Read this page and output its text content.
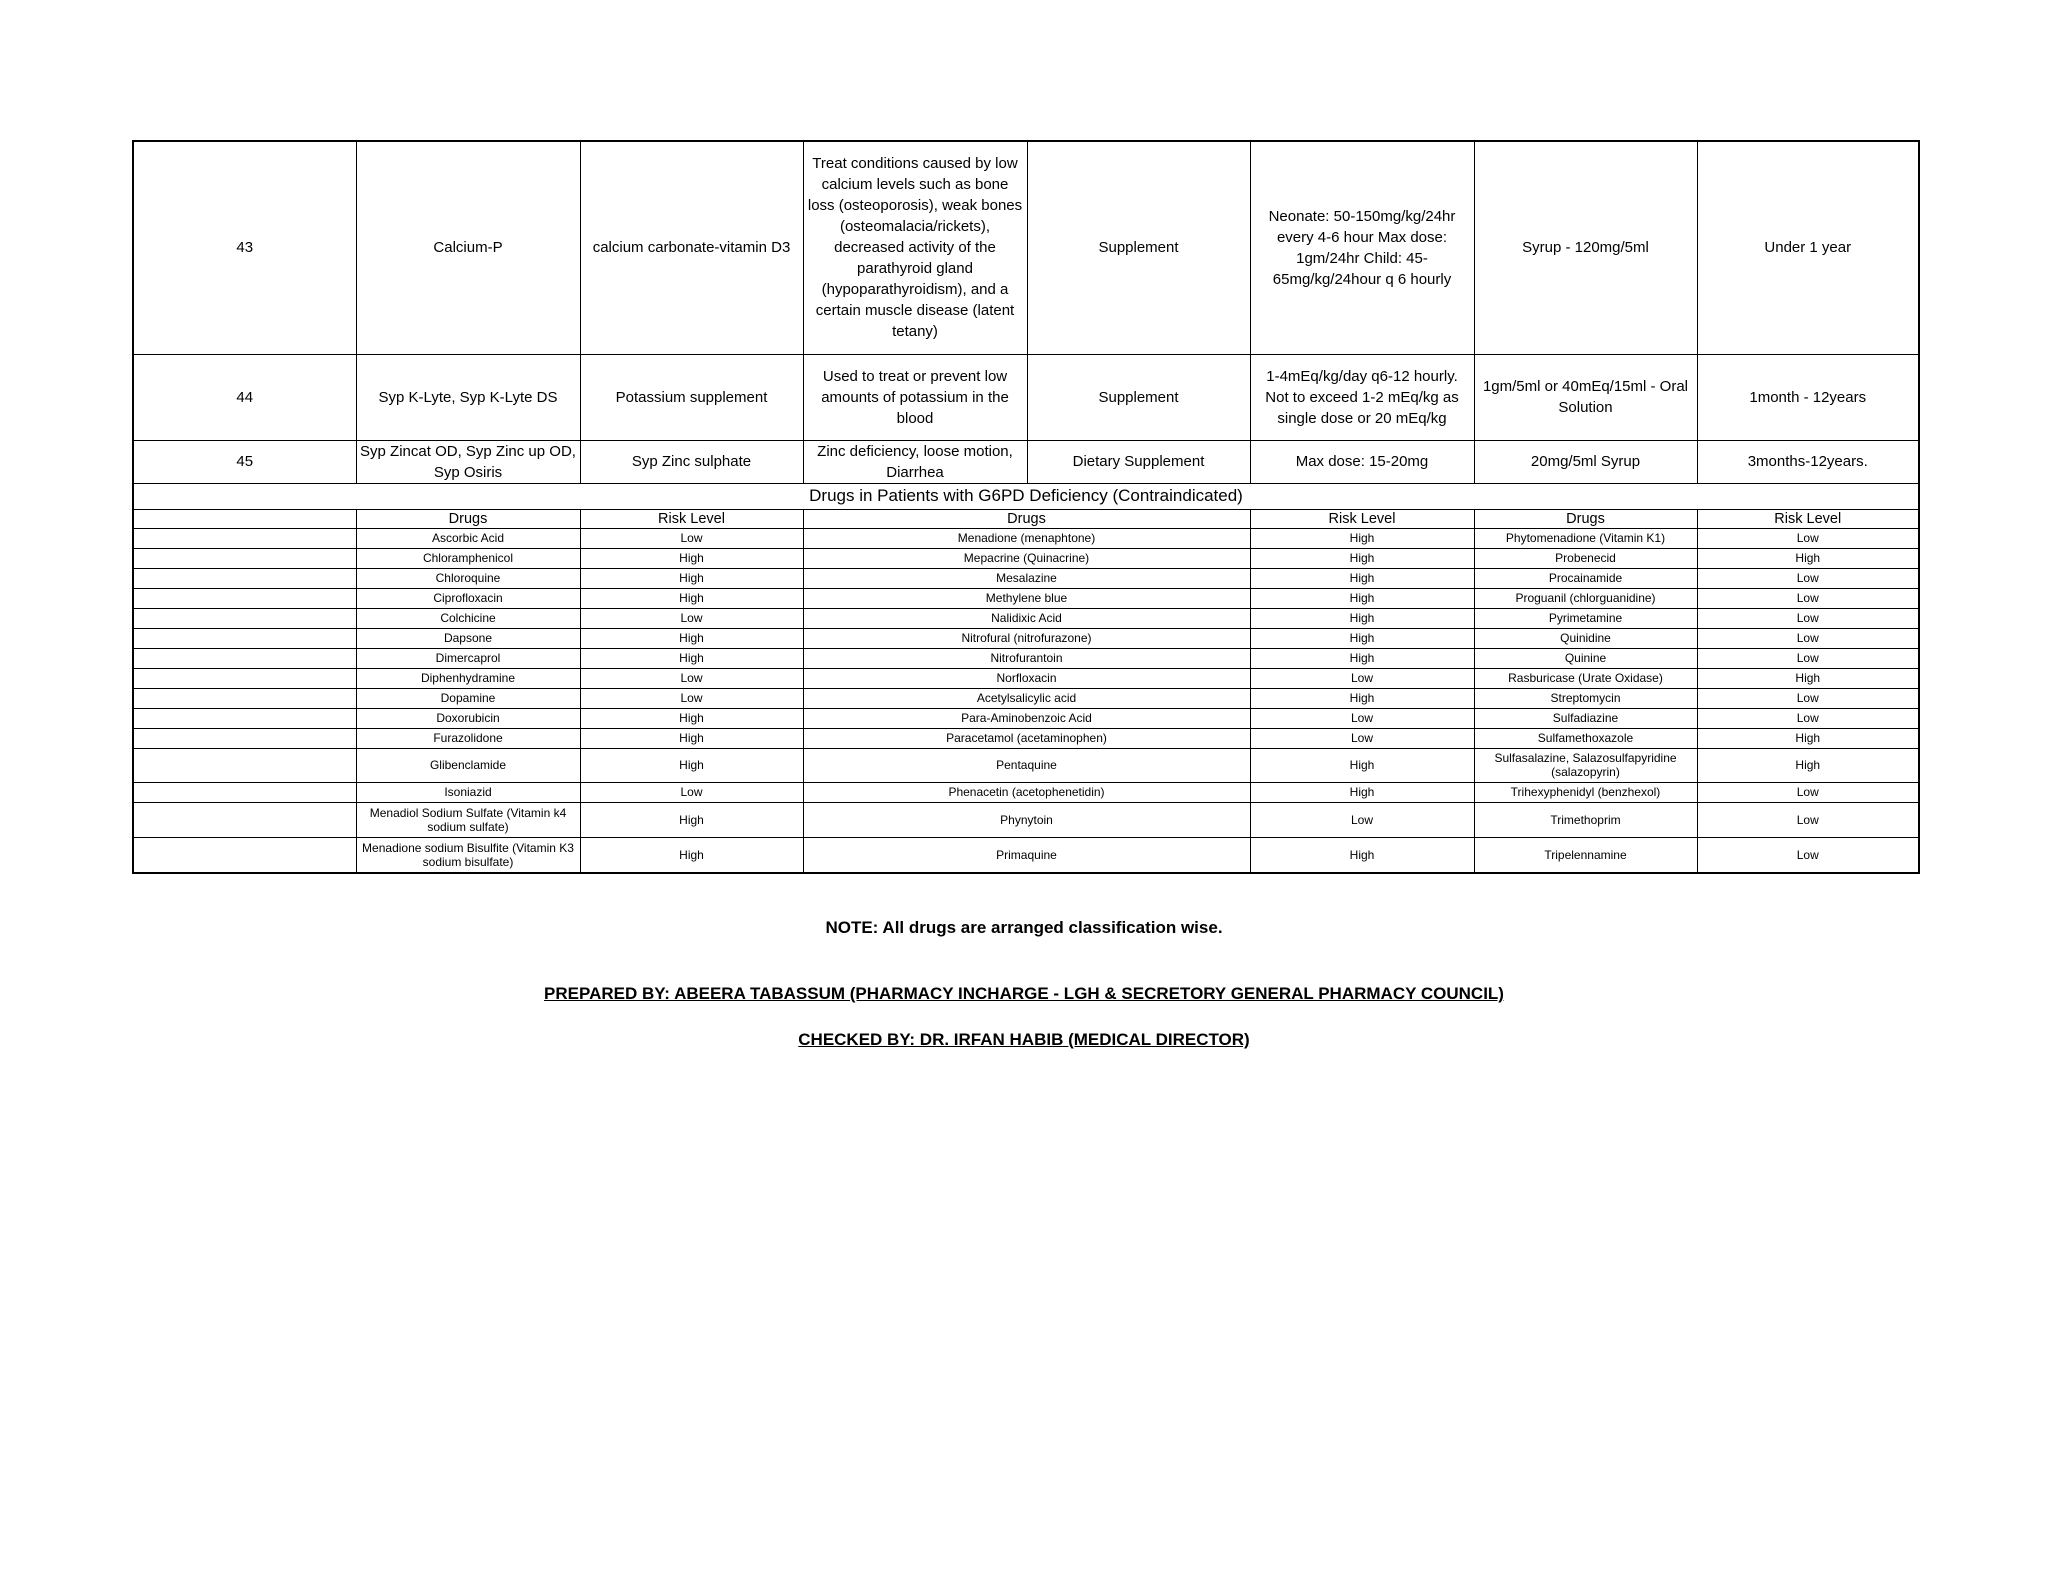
43	Calcium-P	calcium carbonate-vitamin D3	Treat conditions caused by low calcium levels such as bone loss (osteoporosis), weak bones (osteomalacia/rickets), decreased activity of the parathyroid gland (hypoparathyroidism), and a certain muscle disease (latent tetany)	Supplement	Neonate: 50-150mg/kg/24hr every 4-6 hour Max dose: 1gm/24hr Child: 45-65mg/kg/24hour q 6 hourly	Syrup - 120mg/5ml	Under 1 year
44	Syp K-Lyte, Syp K-Lyte DS	Potassium supplement	Used to treat or prevent low amounts of potassium in the blood	Supplement	1-4mEq/kg/day q6-12 hourly. Not to exceed 1-2 mEq/kg as single dose or 20 mEq/kg	1gm/5ml or 40mEq/15ml - Oral Solution	1month - 12years
45	Syp Zincat OD, Syp Zinc up OD, Syp Osiris	Syp Zinc sulphate	Zinc deficiency, loose motion, Diarrhea	Dietary Supplement	Max dose: 15-20mg	20mg/5ml Syrup	3months-12years.
Drugs in Patients with G6PD Deficiency (Contraindicated)							
	Drugs	Risk Level	Drugs		Risk Level	Drugs	Risk Level
	Ascorbic Acid	Low	Menadione (menaphtone)		High	Phytomenadione (Vitamin K1)	Low
	Chloramphenicol	High	Mepacrine (Quinacrine)		High	Probenecid	High
	Chloroquine	High	Mesalazine		High	Procainamide	Low
	Ciprofloxacin	High	Methylene blue		High	Proguanil (chlorguanidine)	Low
	Colchicine	Low	Nalidixic Acid		High	Pyrimetamine	Low
	Dapsone	High	Nitrofural (nitrofurazone)		High	Quinidine	Low
	Dimercaprol	High	Nitrofurantoin		High	Quinine	Low
	Diphenhydramine	Low	Norfloxacin		Low	Rasburicase (Urate Oxidase)	High
	Dopamine	Low	Acetylsalicylic acid		High	Streptomycin	Low
	Doxorubicin	High	Para-Aminobenzoic Acid		Low	Sulfadiazine	Low
	Furazolidone	High	Paracetamol (acetaminophen)		Low	Sulfamethoxazole	High
	Glibenclamide	High	Pentaquine		High	Sulfasalazine, Salazosulfapyridine (salazopyrin)	High
	Isoniazid	Low	Phenacetin (acetophenetidin)		High	Trihexyphenidyl (benzhexol)	Low
	Menadiol Sodium Sulfate (Vitamin k4 sodium sulfate)	High	Phynytoin		Low	Trimethoprim	Low
	Menadione sodium Bisulfite (Vitamin K3 sodium bisulfate)	High	Primaquine		High	Tripelennamine	Low
NOTE: All drugs are arranged classification wise.
PREPARED BY: ABEERA TABASSUM (PHARMACY INCHARGE - LGH & SECRETORY GENERAL PHARMACY COUNCIL)
CHECKED BY: DR. IRFAN HABIB (MEDICAL DIRECTOR)
